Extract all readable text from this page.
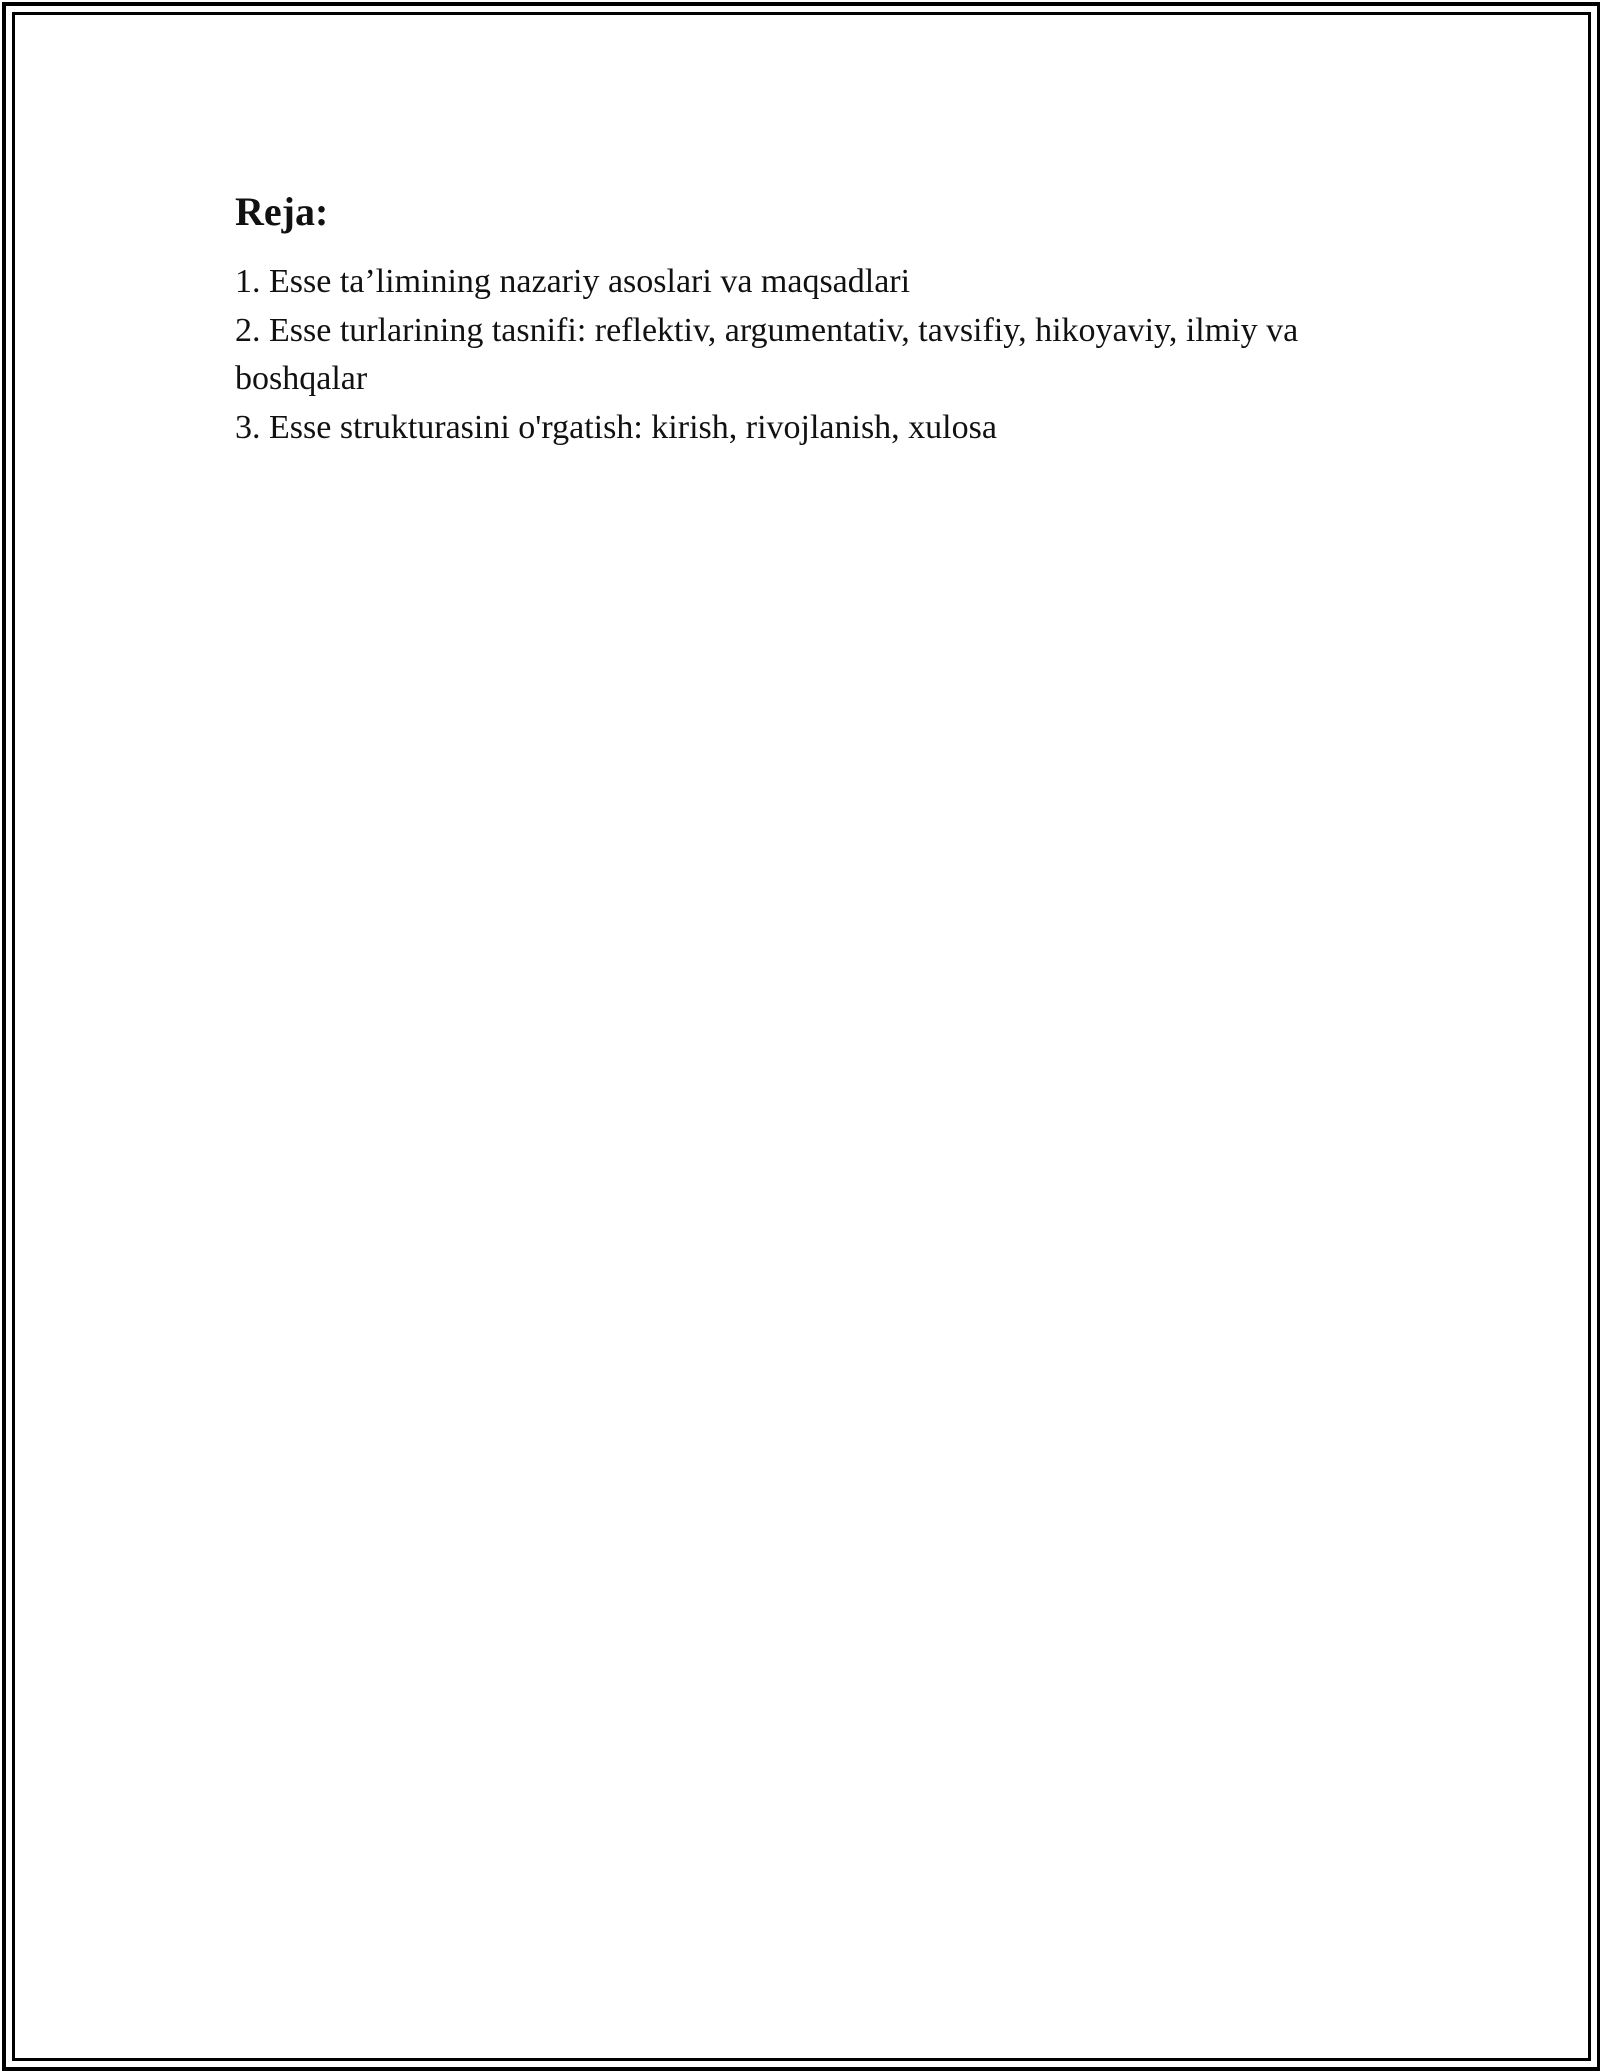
Reja:
1. Esse ta’limining nazariy asoslari va maqsadlari
2. Esse turlarining tasnifi: reflektiv, argumentativ, tavsifiy, hikoyaviy, ilmiy va boshqalar
3. Esse strukturasini o'rgatish: kirish, rivojlanish, xulosa
